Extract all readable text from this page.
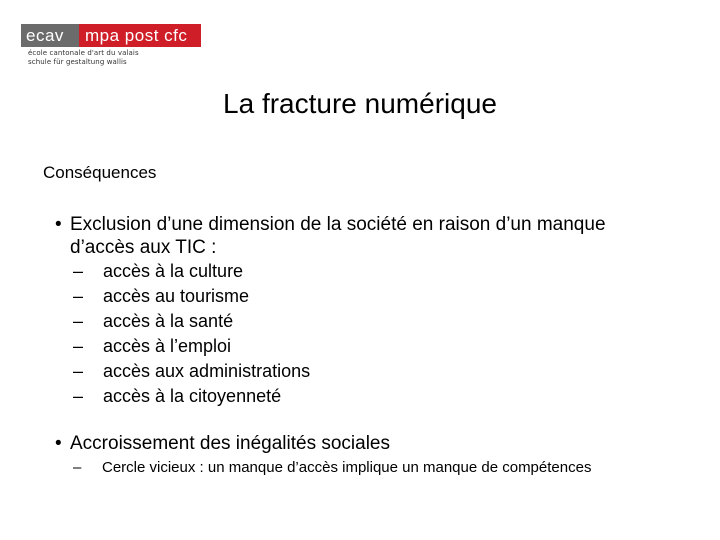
ecav	mpa post cfc
école cantonale d'art du valais
schule für gestaltung wallis
La fracture numérique
Conséquences
• Exclusion d’une dimension de la société en raison d’un manque d’accès aux TIC :
– accès à la culture
– accès au tourisme
– accès à la santé
– accès à l’emploi
– accès aux administrations
– accès à la citoyenneté
• Accroissement des inégalités sociales
–	Cercle vicieux : un manque d’accès implique un manque de compétences
